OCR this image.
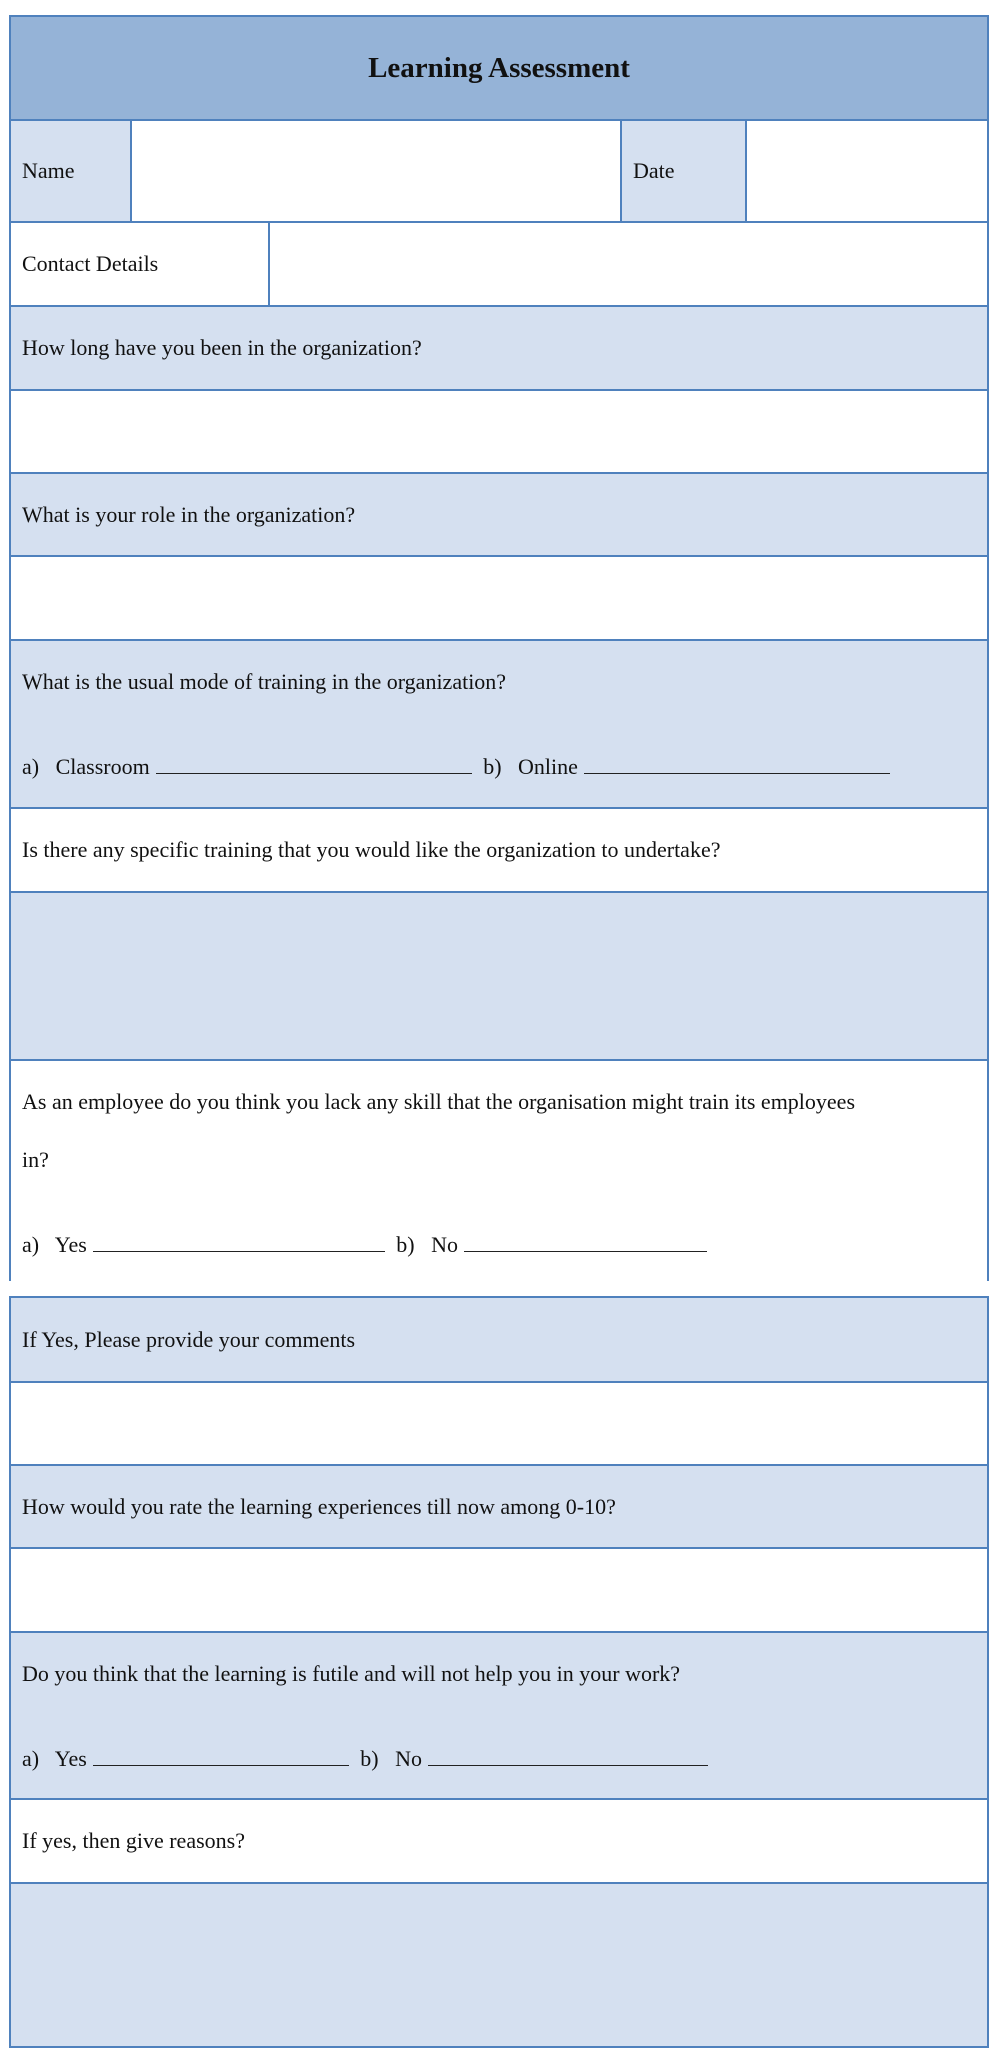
Learning Assessment
Name	Date
Contact Details
How long have you been in the organization?
What is your role in the organization?
What is the usual mode of training in the organization?
a) Classroom	b) Online
Is there any specific training that you would like the organization to undertake?
As an employee do you think you lack any skill that the organisation might train its employees
in?
a) Yes	b) No
If Yes, Please provide your comments
How would you rate the learning experiences till now among 0-10?
Do you think that the learning is futile and will not help you in your work?
a) Yes	b) No
If yes, then give reasons?
